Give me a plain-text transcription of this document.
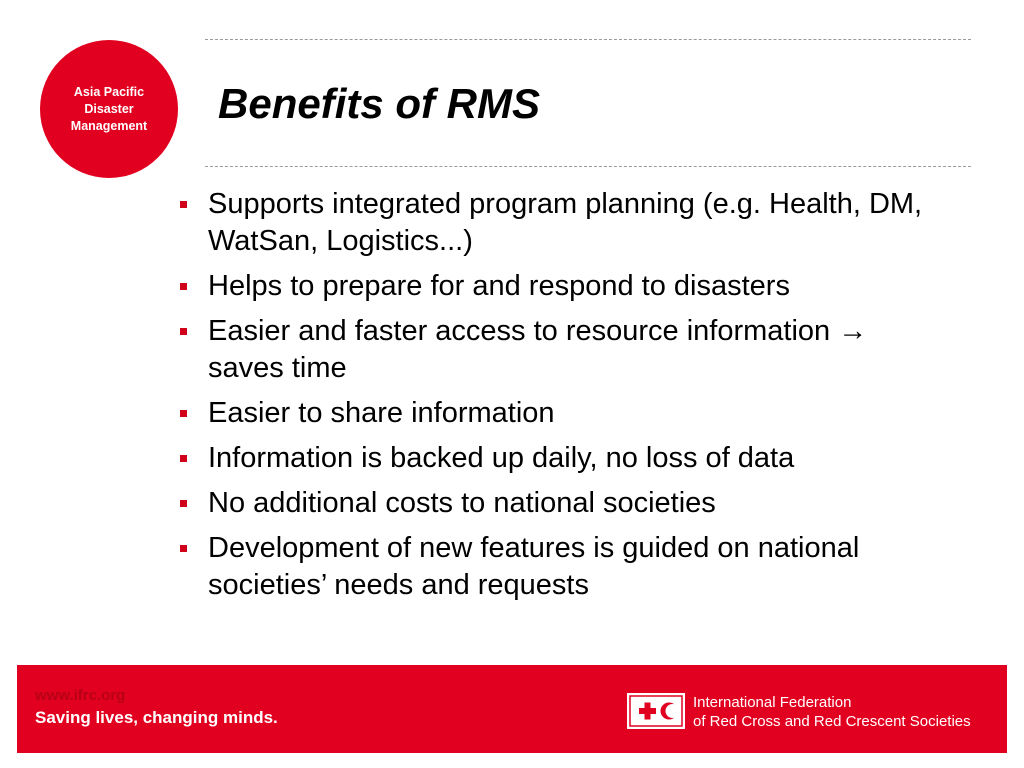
Asia Pacific
Disaster
Management Benefits of RMS
Supports integrated program planning (e.g. Health, DM, WatSan, Logistics...)
Helps to prepare for and respond to disasters
Easier and faster access to resource information → saves time
Easier to share information
Information is backed up daily, no loss of data
No additional costs to national societies
Development of new features is guided on national societies’ needs and requests
www.ifrc.org
Saving lives, changing minds.
International Federation
of Red Cross and Red Crescent Societies
